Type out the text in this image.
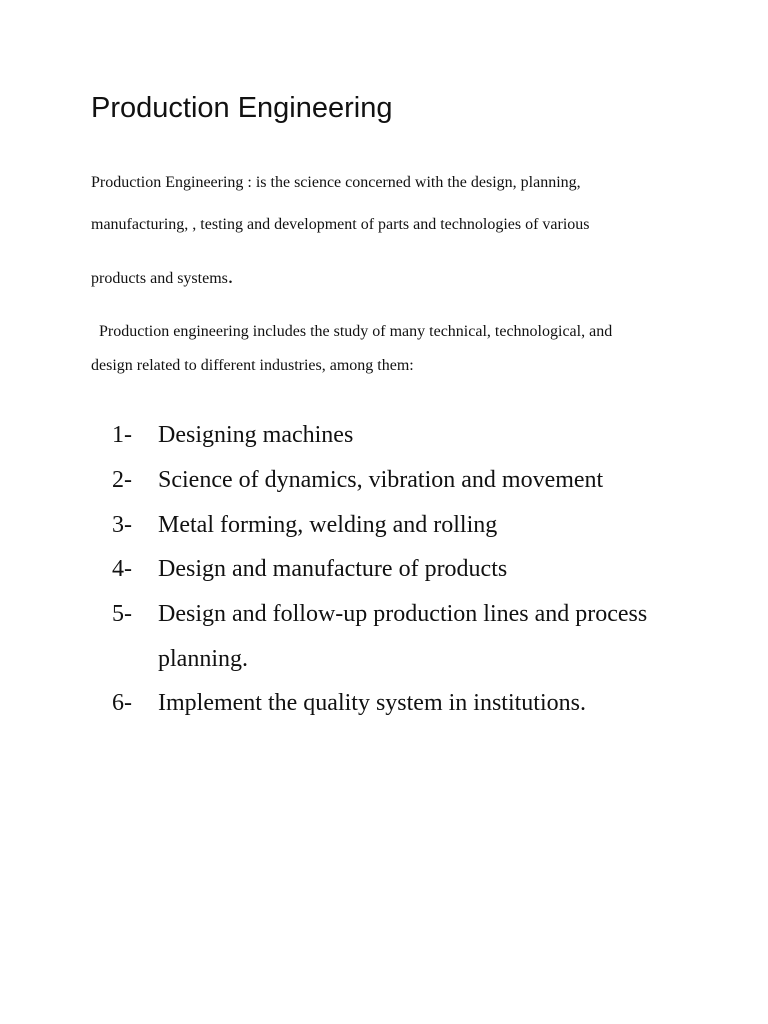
Production Engineering

Production Engineering : is the science concerned with the design, planning,

manufacturing, , testing and development of parts and technologies of various

products and systems.

Production engineering includes the study of many technical, technological, and

design related to different industries, among them:

1- Designing machines
2- Science of dynamics, vibration and movement
3- Metal forming, welding and rolling
4- Design and manufacture of products
5- Design and follow-up production lines and process
planning.
6- Implement the quality system in institutions.
